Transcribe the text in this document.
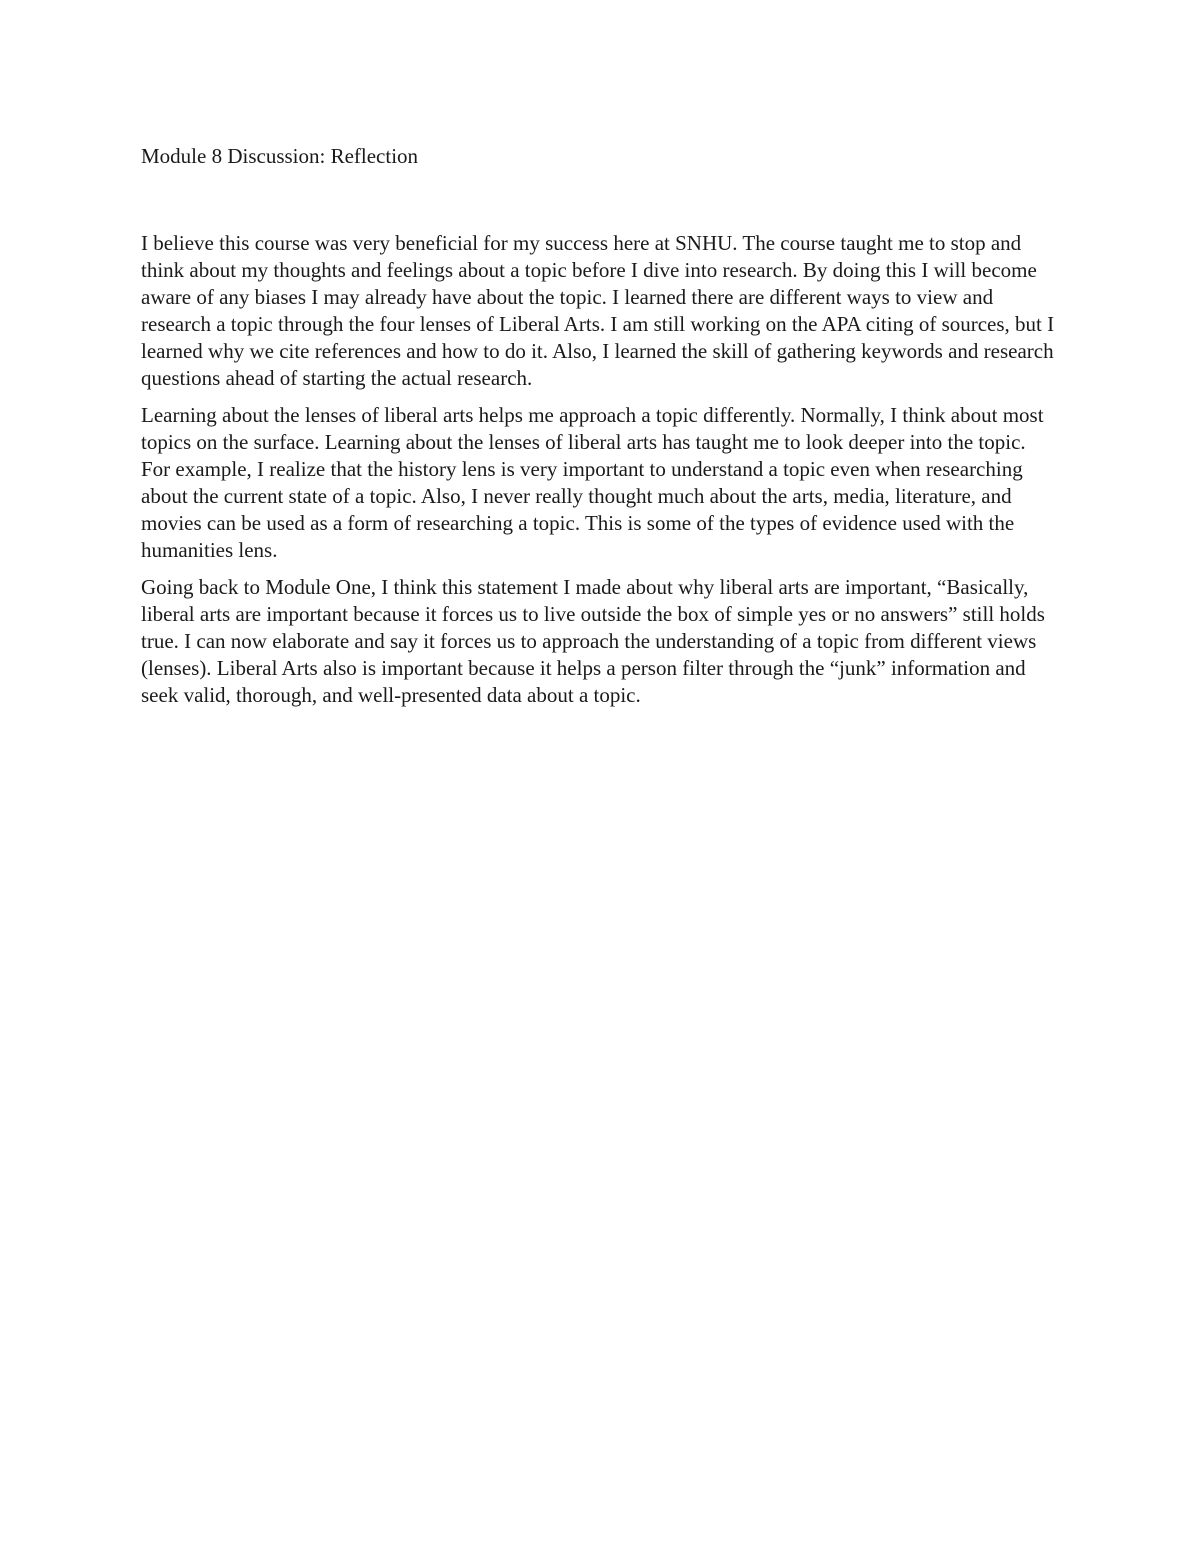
Module 8 Discussion: Reflection

I believe this course was very beneficial for my success here at SNHU. The course taught me to stop and think about my thoughts and feelings about a topic before I dive into research. By doing this I will become aware of any biases I may already have about the topic. I learned there are different ways to view and research a topic through the four lenses of Liberal Arts. I am still working on the APA citing of sources, but I learned why we cite references and how to do it. Also, I learned the skill of gathering keywords and research questions ahead of starting the actual research.

Learning about the lenses of liberal arts helps me approach a topic differently. Normally, I think about most topics on the surface. Learning about the lenses of liberal arts has taught me to look deeper into the topic. For example, I realize that the history lens is very important to understand a topic even when researching about the current state of a topic. Also, I never really thought much about the arts, media, literature, and movies can be used as a form of researching a topic. This is some of the types of evidence used with the humanities lens.

Going back to Module One, I think this statement I made about why liberal arts are important, “Basically, liberal arts are important because it forces us to live outside the box of simple yes or no answers” still holds true. I can now elaborate and say it forces us to approach the understanding of a topic from different views (lenses). Liberal Arts also is important because it helps a person filter through the “junk” information and seek valid, thorough, and well-presented data about a topic.
